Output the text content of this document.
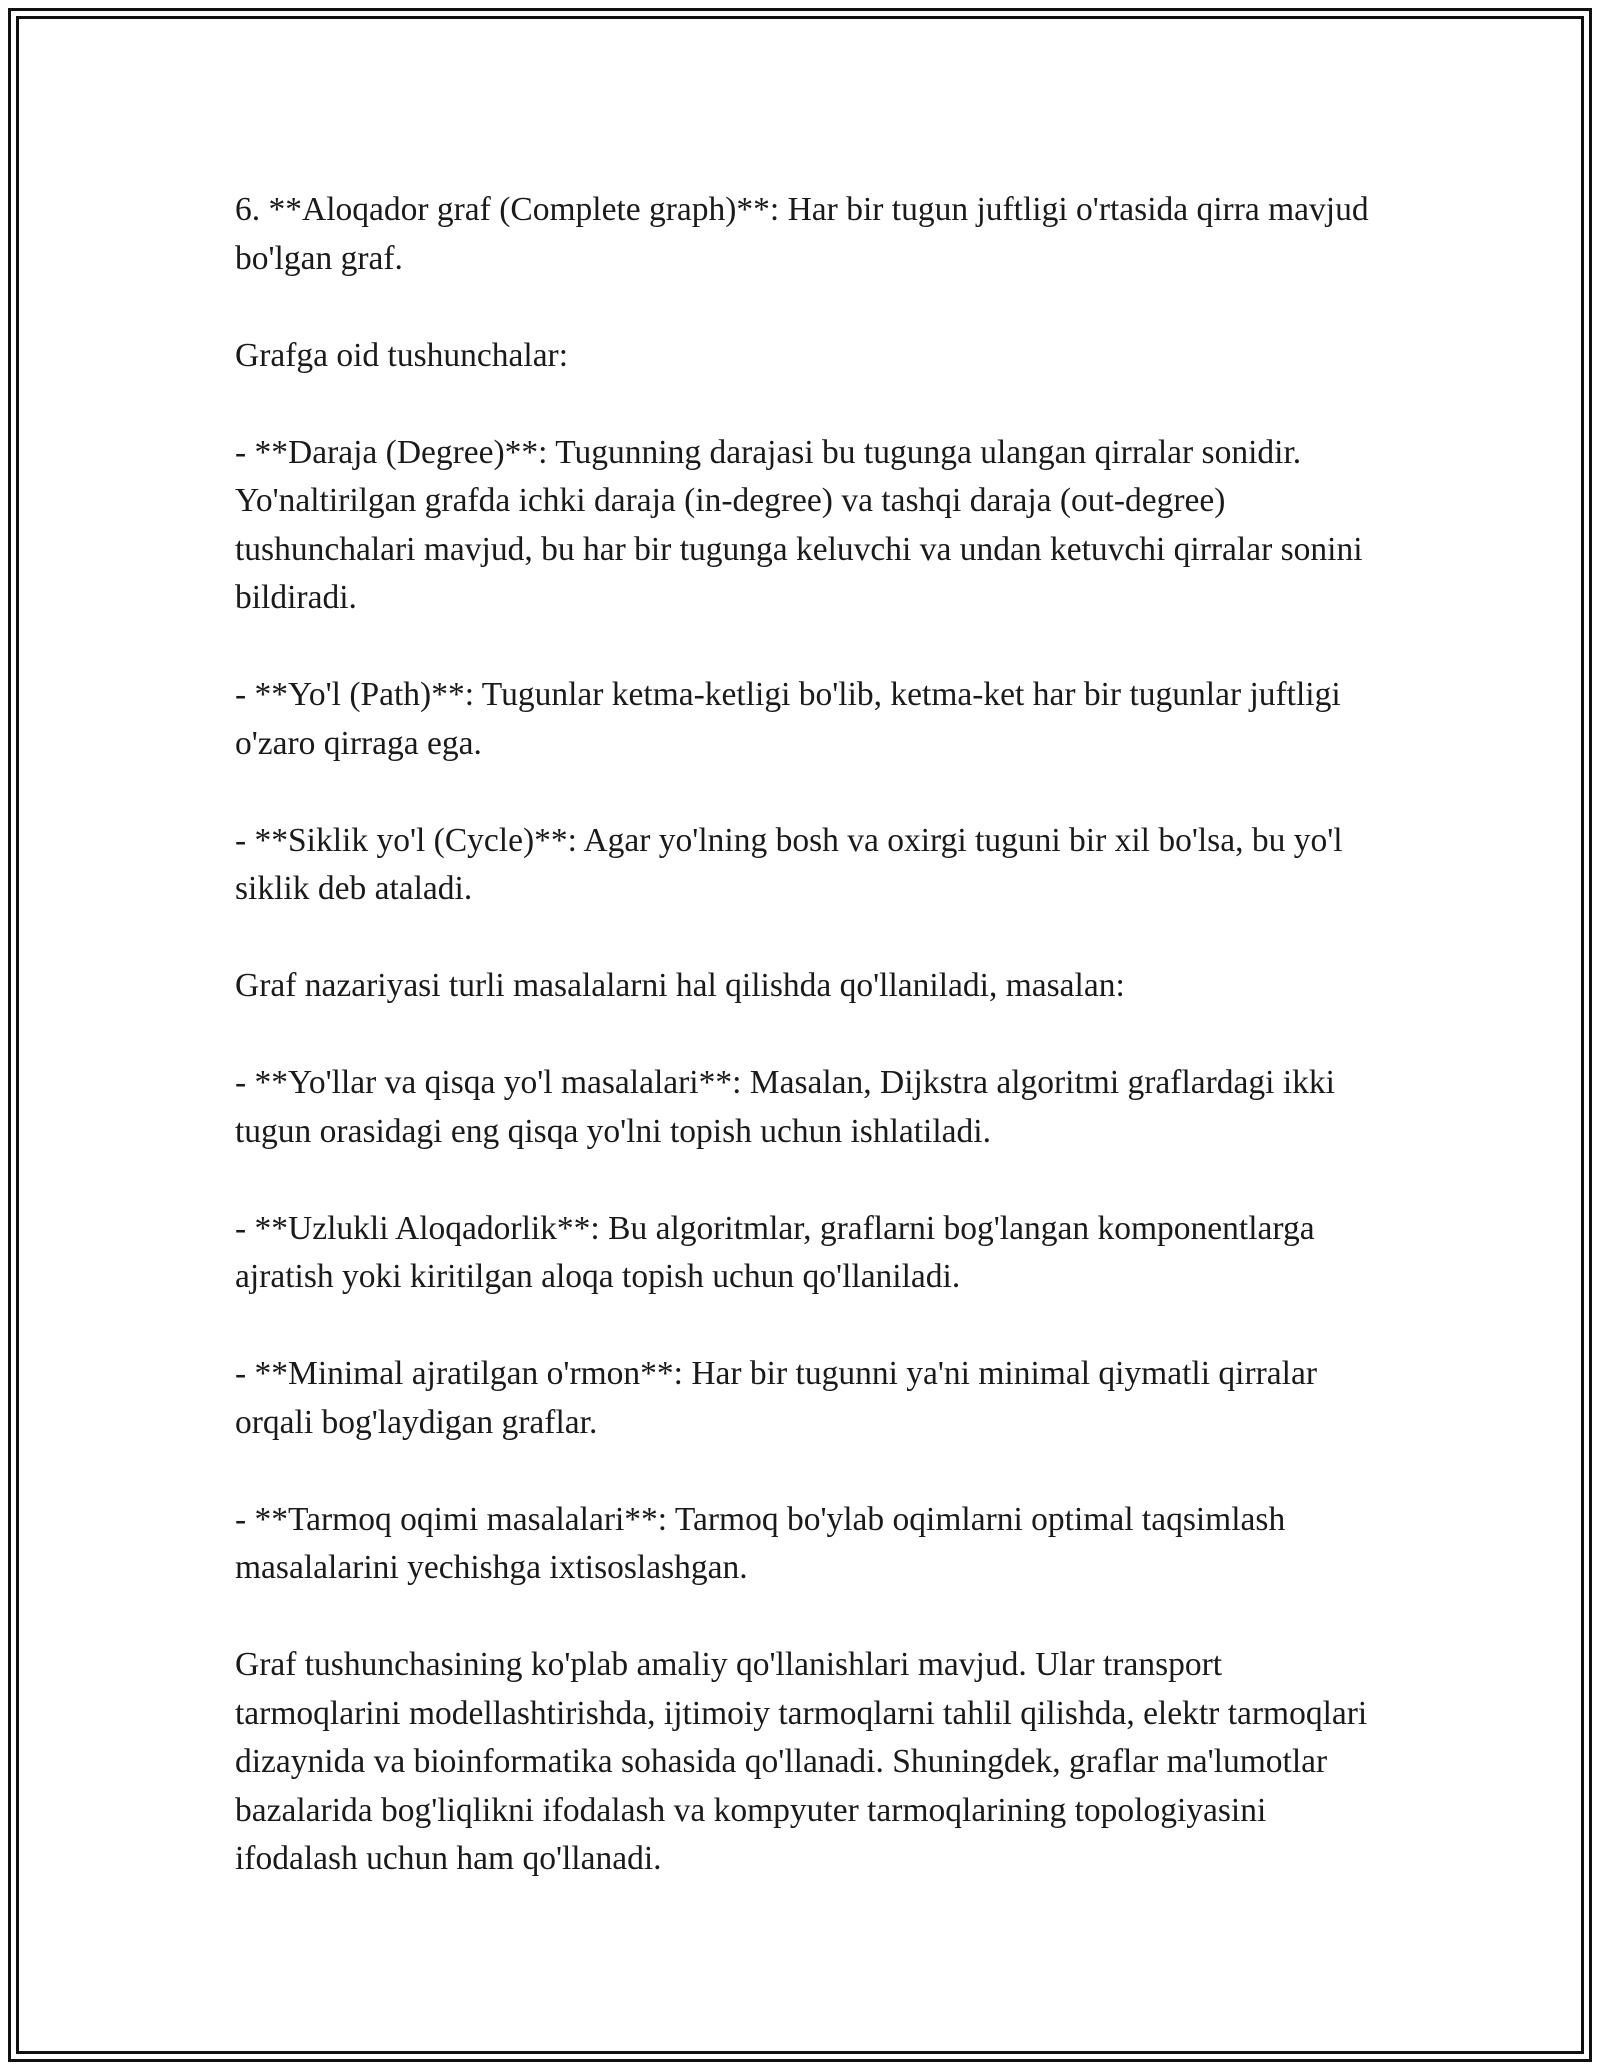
6. **Aloqador graf (Complete graph)**: Har bir tugun juftligi o'rtasida qirra mavjud bo'lgan graf.

Grafga oid tushunchalar:

- **Daraja (Degree)**: Tugunning darajasi bu tugunga ulangan qirralar sonidir. Yo'naltirilgan grafda ichki daraja (in-degree) va tashqi daraja (out-degree) tushunchalari mavjud, bu har bir tugunga keluvchi va undan ketuvchi qirralar sonini bildiradi.

- **Yo'l (Path)**: Tugunlar ketma-ketligi bo'lib, ketma-ket har bir tugunlar juftligi o'zaro qirraga ega.

- **Siklik yo'l (Cycle)**: Agar yo'lning bosh va oxirgi tuguni bir xil bo'lsa, bu yo'l siklik deb ataladi.

Graf nazariyasi turli masalalarni hal qilishda qo'llaniladi, masalan:

- **Yo'llar va qisqa yo'l masalalari**: Masalan, Dijkstra algoritmi graflardagi ikki tugun orasidagi eng qisqa yo'lni topish uchun ishlatiladi.

- **Uzlukli Aloqadorlik**: Bu algoritmlar, graflarni bog'langan komponentlarga ajratish yoki kiritilgan aloqa topish uchun qo'llaniladi.

- **Minimal ajratilgan o'rmon**: Har bir tugunni ya'ni minimal qiymatli qirralar orqali bog'laydigan graflar.

- **Tarmoq oqimi masalalari**: Tarmoq bo'ylab oqimlarni optimal taqsimlash masalalarini yechishga ixtisoslashgan.

Graf tushunchasining ko'plab amaliy qo'llanishlari mavjud. Ular transport tarmoqlarini modellashtirishda, ijtimoiy tarmoqlarni tahlil qilishda, elektr tarmoqlari dizaynida va bioinformatika sohasida qo'llanadi. Shuningdek, graflar ma'lumotlar bazalarida bog'liqlikni ifodalash va kompyuter tarmoqlarining topologiyasini ifodalash uchun ham qo'llanadi.
